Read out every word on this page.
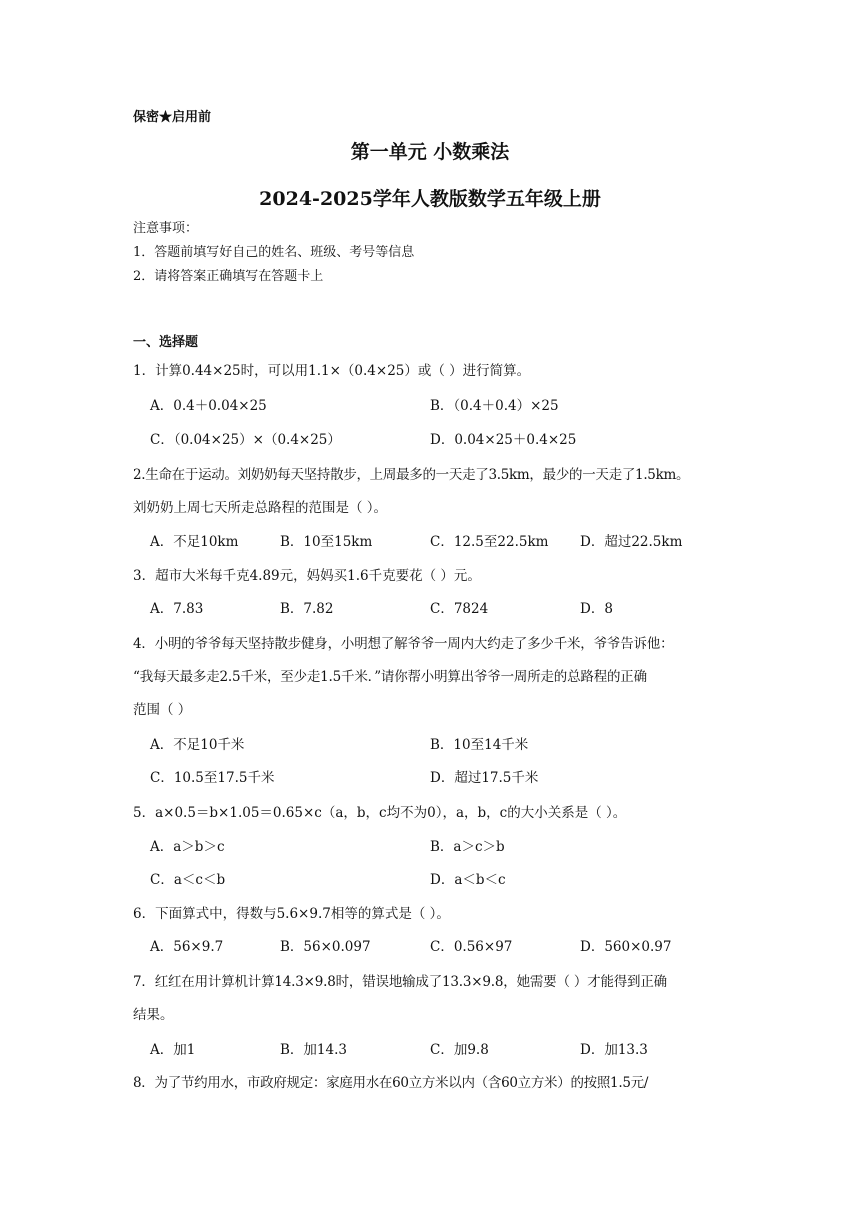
保密★启用前
第一单元 小数乘法
2024-2025学年人教版数学五年级上册
注意事项：
1．答题前填写好自己的姓名、班级、考号等信息
2．请将答案正确填写在答题卡上
一、选择题
1．计算0.44×25时，可以用1.1×（0.4×25）或（ ）进行简算。
A．0.4＋0.04×25	B．（0.4＋0.4）×25
C．（0.04×25）×（0.4×25）	D．0.04×25＋0.4×25
2.生命在于运动。刘奶奶每天坚持散步，上周最多的一天走了3.5km，最少的一天走了1.5km。
刘奶奶上周七天所走总路程的范围是（ ）。
A．不足10km	B．10至15km	C．12.5至22.5km D．超过22.5km
3．超市大米每千克4.89元，妈妈买1.6千克要花（ ）元。
A．7.83	B．7.82	C．7824	D．8
4．小明的爷爷每天坚持散步健身，小明想了解爷爷一周内大约走了多少千米，爷爷告诉他：
“我每天最多走2.5千米，至少走1.5千米．”请你帮小明算出爷爷一周所走的总路程的正确
范围（ ）
A．不足10千米	B．10至14千米
C．10.5至17.5千米	D．超过17.5千米
5．a×0.5＝b×1.05＝0.65×c（a，b，c均不为0），a，b，c的大小关系是（ ）。
A．a＞b＞c	B．a＞c＞b
C．a＜c＜b	D．a＜b＜c
6．下面算式中，得数与5.6×9.7相等的算式是（ ）。
A．56×9.7	B．56×0.097	C．0.56×97	D．560×0.97
7．红红在用计算机计算14.3×9.8时，错误地输成了13.3×9.8，她需要（ ）才能得到正确
结果。
A．加1	B．加14.3	C．加9.8	D．加13.3
8．为了节约用水，市政府规定：家庭用水在60立方米以内（含60立方米）的按照1.5元/
